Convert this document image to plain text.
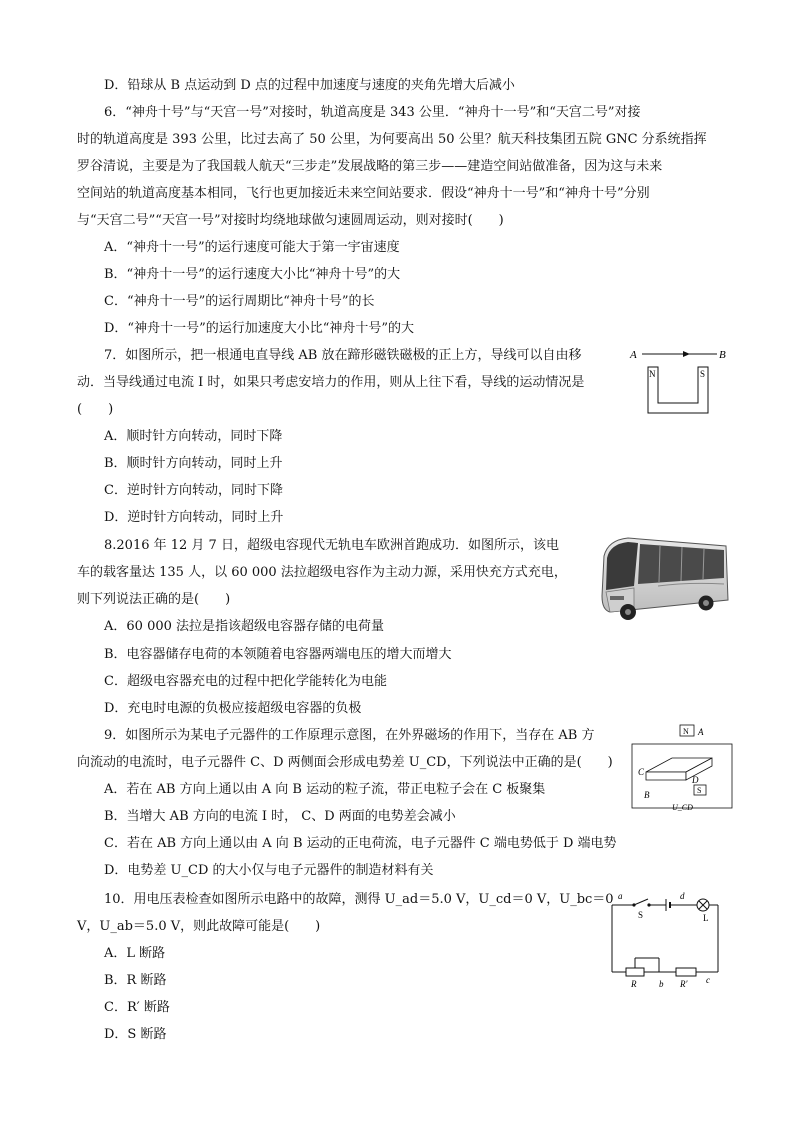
D．铅球从 B 点运动到 D 点的过程中加速度与速度的夹角先增大后减小
6．“神舟十号”与“天宫一号”对接时，轨道高度是 343 公里．“神舟十一号”和“天宫二号”对接
时的轨道高度是 393 公里，比过去高了 50 公里，为何要高出 50 公里？航天科技集团五院 GNC 分系统指挥
罗谷清说，主要是为了我国载人航天“三步走”发展战略的第三步——建造空间站做准备，因为这与未来
空间站的轨道高度基本相同，飞行也更加接近未来空间站要求．假设“神舟十一号”和“神舟十号”分别
与“天宫二号”“天宫一号”对接时均绕地球做匀速圆周运动，则对接时(　　)
A．“神舟十一号”的运行速度可能大于第一宇宙速度
B．“神舟十一号”的运行速度大小比“神舟十号”的大
C．“神舟十一号”的运行周期比“神舟十号”的长
D．“神舟十一号”的运行加速度大小比“神舟十号”的大
7．如图所示，把一根通电直导线 AB 放在蹄形磁铁磁极的正上方，导线可以自由移
动．当导线通过电流 I 时，如果只考虑安培力的作用，则从上往下看，导线的运动情况是
(　　)
A．顺时针方向转动，同时下降
B．顺时针方向转动，同时上升
C．逆时针方向转动，同时下降
D．逆时针方向转动，同时上升
A	B
N	S
8.2016 年 12 月 7 日，超级电容现代无轨电车欧洲首跑成功．如图所示，该电
车的载客量达 135 人，以 60 000 法拉超级电容作为主动力源，采用快充方式充电，
则下列说法正确的是(　　)
A．60 000 法拉是指该超级电容器存储的电荷量
B．电容器储存电荷的本领随着电容器两端电压的增大而增大
C．超级电容器充电的过程中把化学能转化为电能
D．充电时电源的负极应接超级电容器的负极
9．如图所示为某电子元器件的工作原理示意图，在外界磁场的作用下，当存在 AB 方
向流动的电流时，电子元器件 C、D 两侧面会形成电势差 U_CD，下列说法中正确的是(　　)
A．若在 AB 方向上通以由 A 向 B 运动的粒子流，带正电粒子会在 C 板聚集
B．当增大 AB 方向的电流 I 时， C、D 两面的电势差会减小
C．若在 AB 方向上通以由 A 向 B 运动的正电荷流，电子元器件 C 端电势低于 D 端电势
D．电势差 U_CD 的大小仅与电子元器件的制造材料有关
N A
C
D
S
B
U_CD
10．用电压表检查如图所示电路中的故障，测得 U_ad＝5.0 V，U_cd＝0 V，U_bc＝0
V，U_ab＝5.0 V，则此故障可能是(　　)
A．L 断路
B．R 断路
C．R′ 断路
D．S 断路
a	d
S	L
R	b R′ c
